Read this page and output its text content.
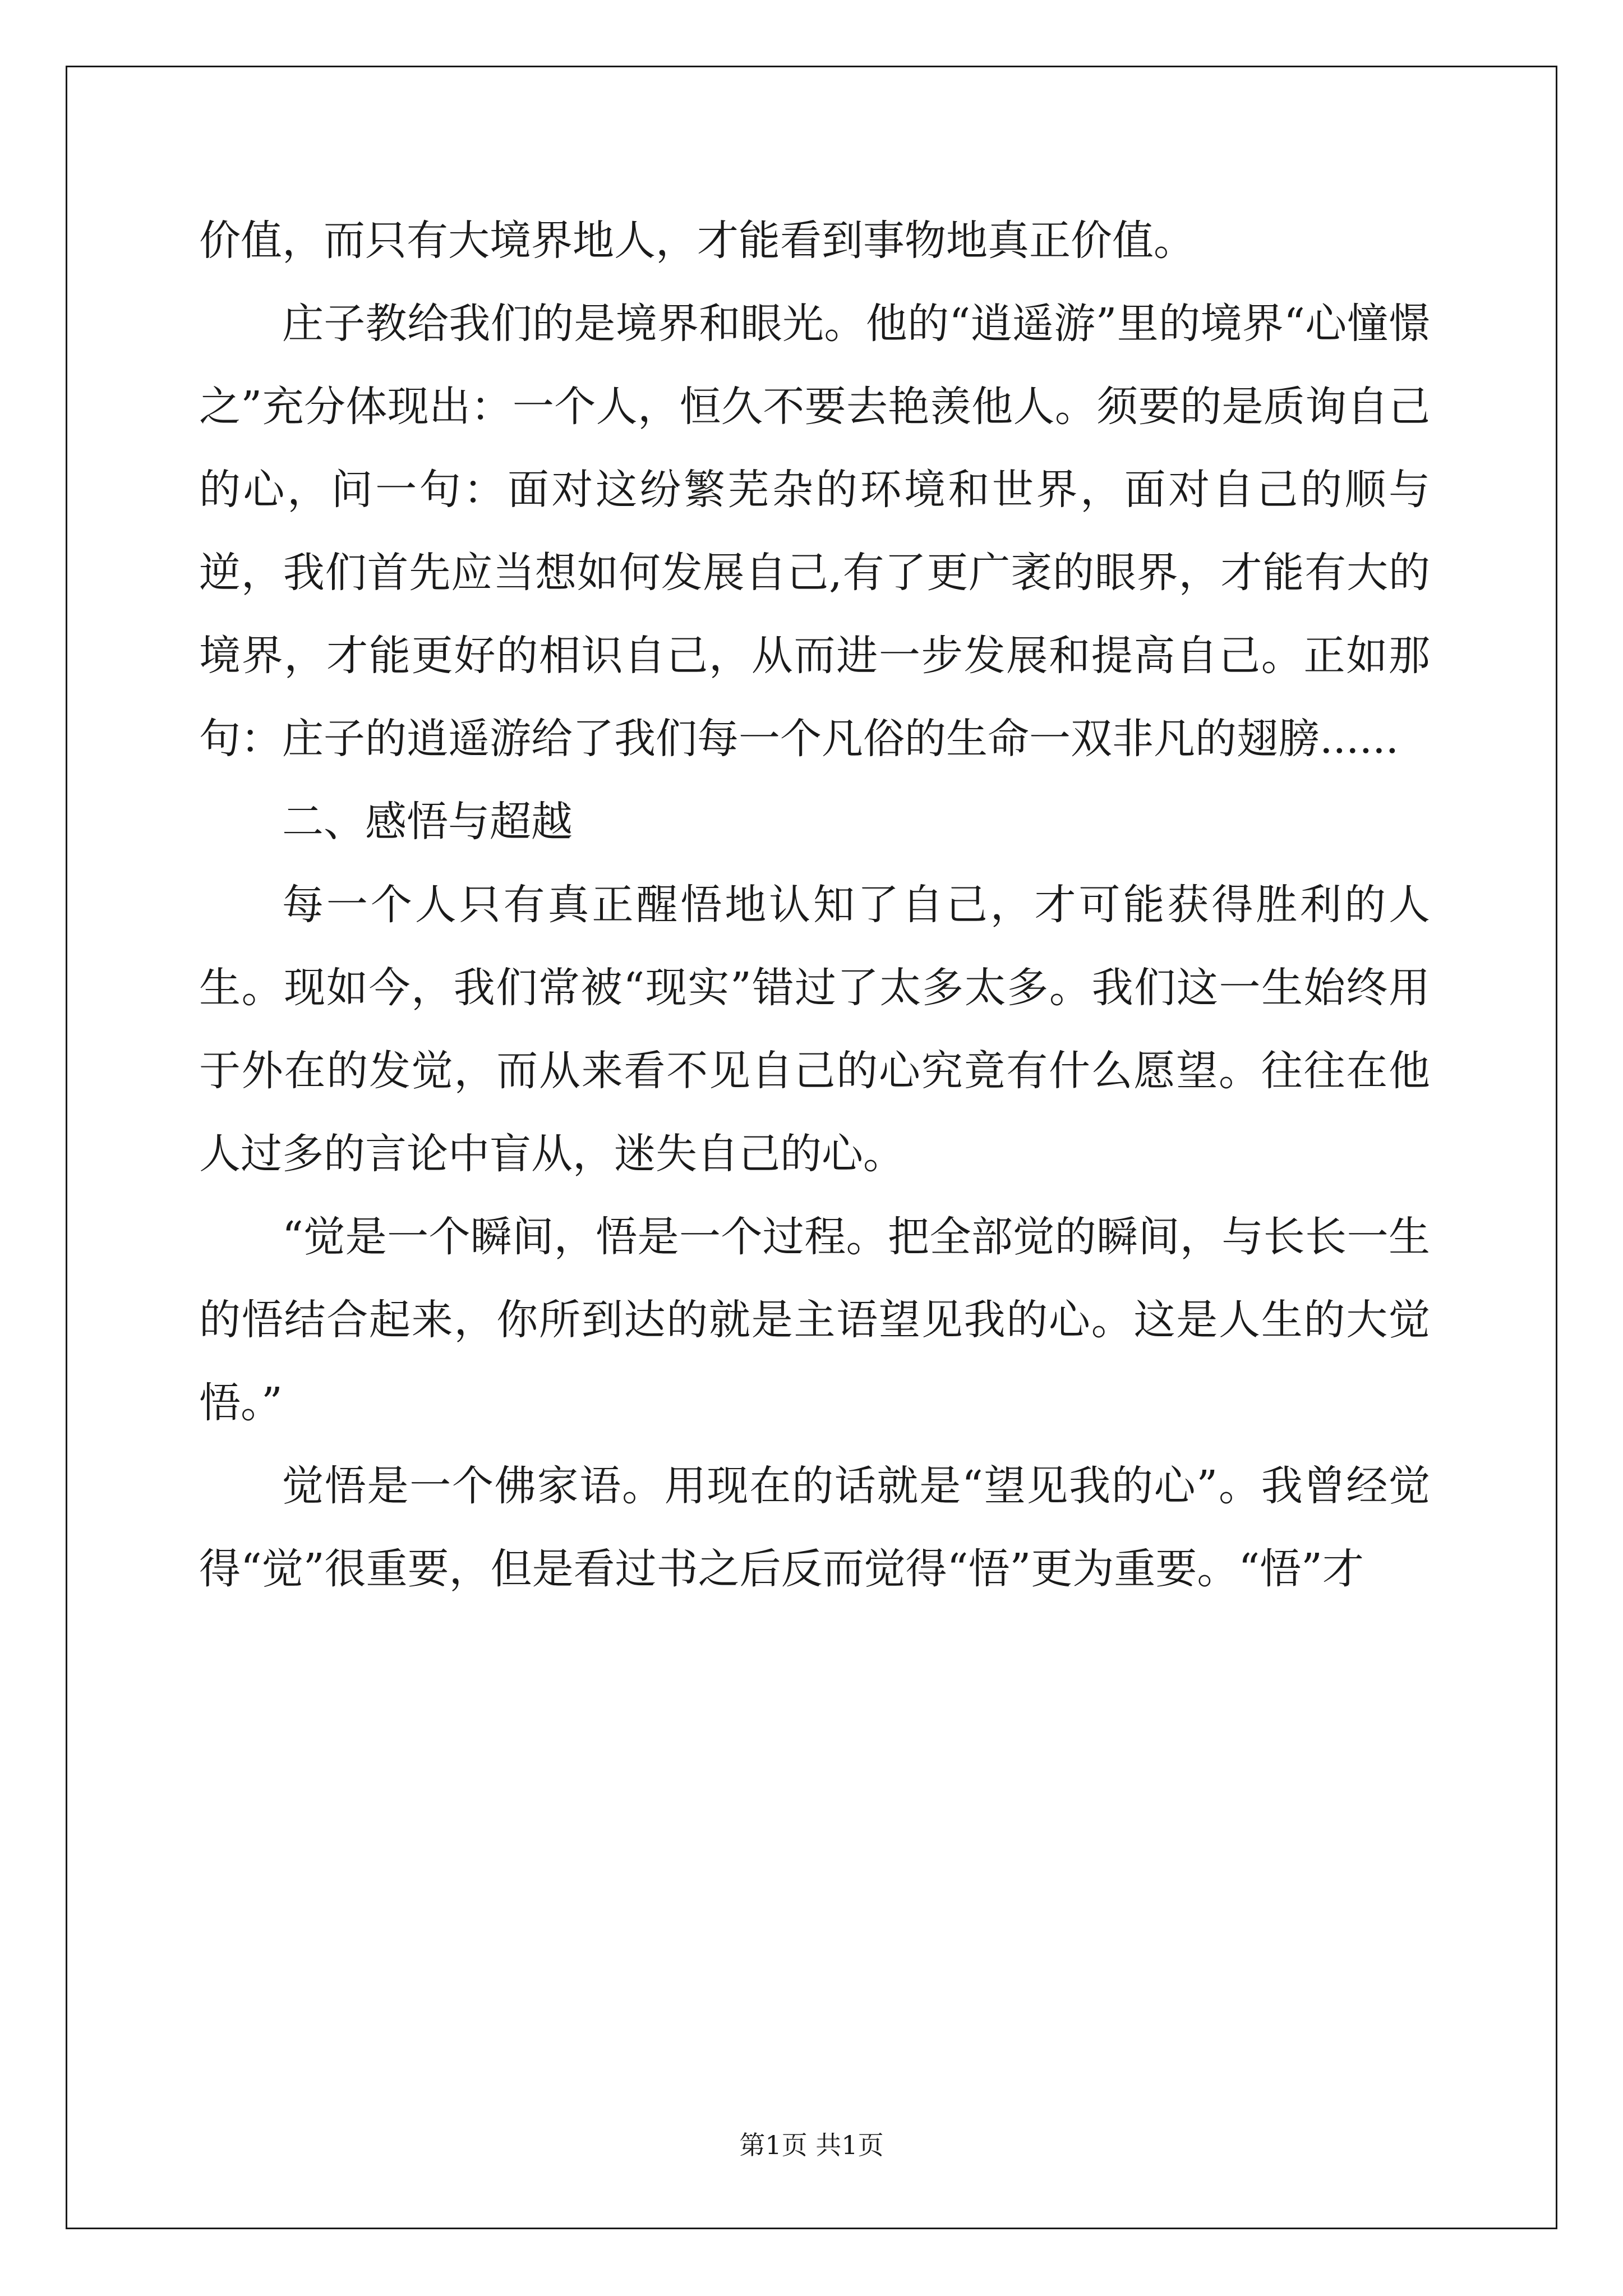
价值，而只有大境界地人，才能看到事物地真正价值。

庄子教给我们的是境界和眼光。他的“逍遥游”里的境界“心憧憬之”充分体现出：一个人，恒久不要去艳羡他人。须要的是质询自己的心，问一句：面对这纷繁芜杂的环境和世界，面对自己的顺与逆，我们首先应当想如何发展自己,有了更广袤的眼界，才能有大的境界，才能更好的相识自己，从而进一步发展和提高自己。正如那句：庄子的逍遥游给了我们每一个凡俗的生命一双非凡的翅膀......

二、感悟与超越

每一个人只有真正醒悟地认知了自己，才可能获得胜利的人生。现如今，我们常被“现实”错过了太多太多。我们这一生始终用于外在的发觉，而从来看不见自己的心究竟有什么愿望。往往在他人过多的言论中盲从，迷失自己的心。

“觉是一个瞬间，悟是一个过程。把全部觉的瞬间，与长长一生的悟结合起来，你所到达的就是主语望见我的心。这是人生的大觉悟。”

觉悟是一个佛家语。用现在的话就是“望见我的心”。我曾经觉得“觉”很重要，但是看过书之后反而觉得“悟”更为重要。“悟”才

第1页 共1页
